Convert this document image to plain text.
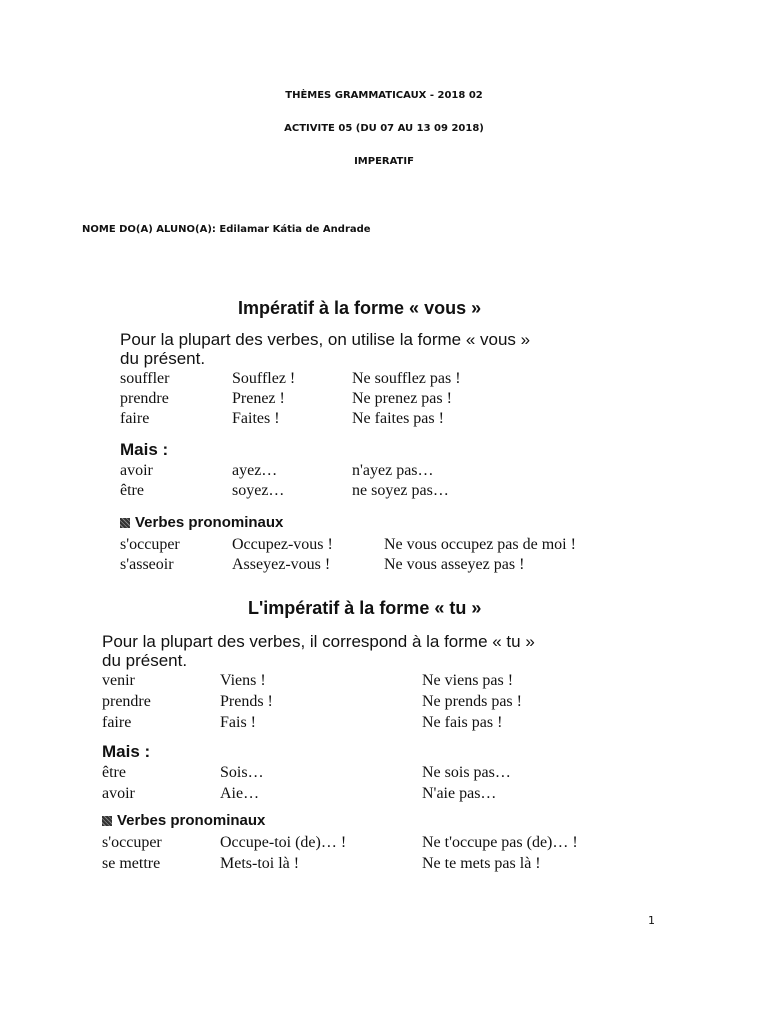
THÈMES GRAMMATICAUX - 2018 02
ACTIVITE 05 (DU 07 AU 13 09 2018)
IMPERATIF
NOME DO(A) ALUNO(A): Edilamar Kátia de Andrade
Impératif à la forme « vous »
Pour la plupart des verbes, on utilise la forme « vous »
du présent.
souffler	Soufflez !	Ne soufflez pas !
prendre	Prenez !	Ne prenez pas !
faire	Faites !	Ne faites pas !
Mais :
avoir	ayez…	n'ayez pas…
être	soyez…	ne soyez pas…
Verbes pronominaux
s'occuper	Occupez-vous !	Ne vous occupez pas de moi !
s'asseoir	Asseyez-vous !	Ne vous asseyez pas !
L'impératif à la forme « tu »
Pour la plupart des verbes, il correspond à la forme « tu »
du présent.
venir	Viens !	Ne viens pas !
prendre	Prends !	Ne prends pas !
faire	Fais !	Ne fais pas !
Mais :
être	Sois…	Ne sois pas…
avoir	Aie…	N'aie pas…
Verbes pronominaux
s'occuper	Occupe-toi (de)… !	Ne t'occupe pas (de)… !
se mettre	Mets-toi là !	Ne te mets pas là !
1
